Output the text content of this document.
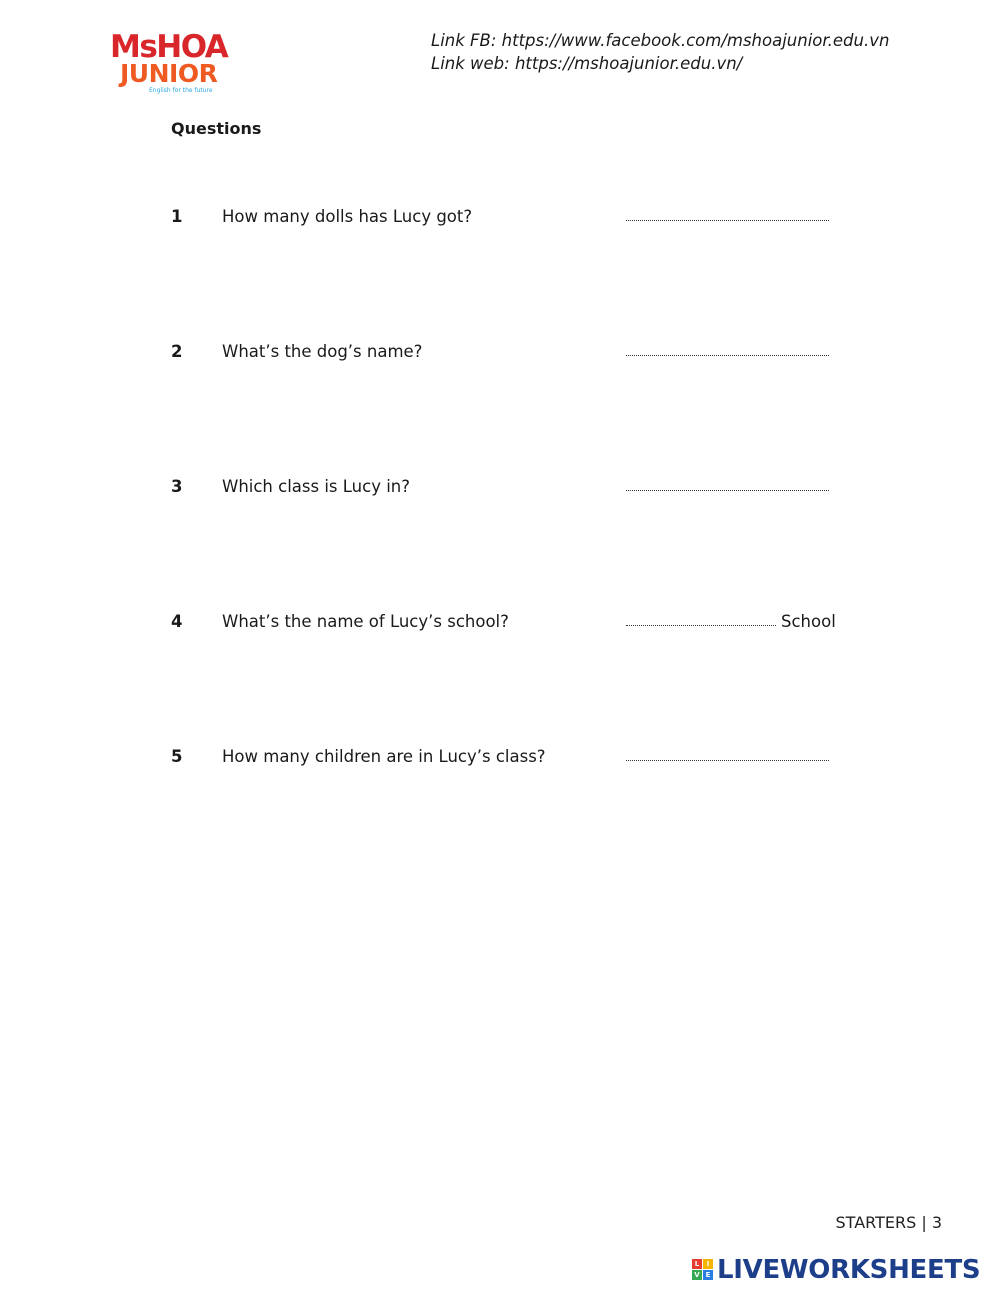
MsHOA
JUNIOR
English for the future
Link FB: https://www.facebook.com/mshoajunior.edu.vn
Link web: https://mshoajunior.edu.vn/
Questions
1 How many dolls has Lucy got?
2 What’s the dog’s name?
3 Which class is Lucy in?
4 What’s the name of Lucy’s school?	School
5 How many children are in Lucy’s class?
STARTERS | 3
L	I
V E LIVEWORKSHEETS
